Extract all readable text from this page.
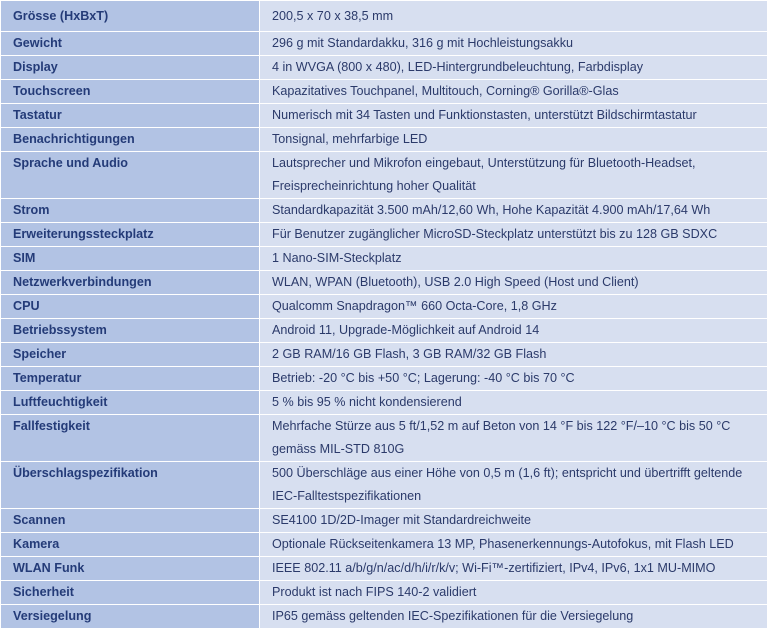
Grösse (HxBxT)	200,5 x 70 x 38,5 mm
Gewicht	296 g mit Standardakku, 316 g mit Hochleistungsakku
Display	4 in WVGA (800 x 480), LED-Hintergrundbeleuchtung, Farbdisplay
Touchscreen	Kapazitatives Touchpanel, Multitouch, Corning® Gorilla®-Glas
Tastatur	Numerisch mit 34 Tasten und Funktionstasten, unterstützt Bildschirmtastatur
Benachrichtigungen	Tonsignal, mehrfarbige LED
Sprache und Audio	Lautsprecher und Mikrofon eingebaut, Unterstützung für Bluetooth-Headset, Freisprecheinrichtung hoher Qualität
Strom	Standardkapazität 3.500 mAh/12,60 Wh, Hohe Kapazität 4.900 mAh/17,64 Wh
Erweiterungssteckplatz	Für Benutzer zugänglicher MicroSD-Steckplatz unterstützt bis zu 128 GB SDXC
SIM	1 Nano-SIM-Steckplatz
Netzwerkverbindungen	WLAN, WPAN (Bluetooth), USB 2.0 High Speed (Host und Client)
CPU	Qualcomm Snapdragon™ 660 Octa-Core, 1,8 GHz
Betriebssystem	Android 11, Upgrade-Möglichkeit auf Android 14
Speicher	2 GB RAM/16 GB Flash, 3 GB RAM/32 GB Flash
Temperatur	Betrieb: -20 °C bis +50 °C; Lagerung: -40 °C bis 70 °C
Luftfeuchtigkeit	5 % bis 95 % nicht kondensierend
Fallfestigkeit	Mehrfache Stürze aus 5 ft/1,52 m auf Beton von 14 °F bis 122 °F/–10 °C bis 50 °C gemäss MIL-STD 810G
Überschlagspezifikation	500 Überschläge aus einer Höhe von 0,5 m (1,6 ft); entspricht und übertrifft geltende IEC-Falltestspezifikationen
Scannen	SE4100 1D/2D-Imager mit Standardreichweite
Kamera	Optionale Rückseitenkamera 13 MP, Phasenerkennungs-Autofokus, mit Flash LED
WLAN Funk	IEEE 802.11 a/b/g/n/ac/d/h/i/r/k/v; Wi-Fi™-zertifiziert, IPv4, IPv6, 1x1 MU-MIMO
Sicherheit	Produkt ist nach FIPS 140-2 validiert
Versiegelung	IP65 gemäss geltenden IEC-Spezifikationen für die Versiegelung
